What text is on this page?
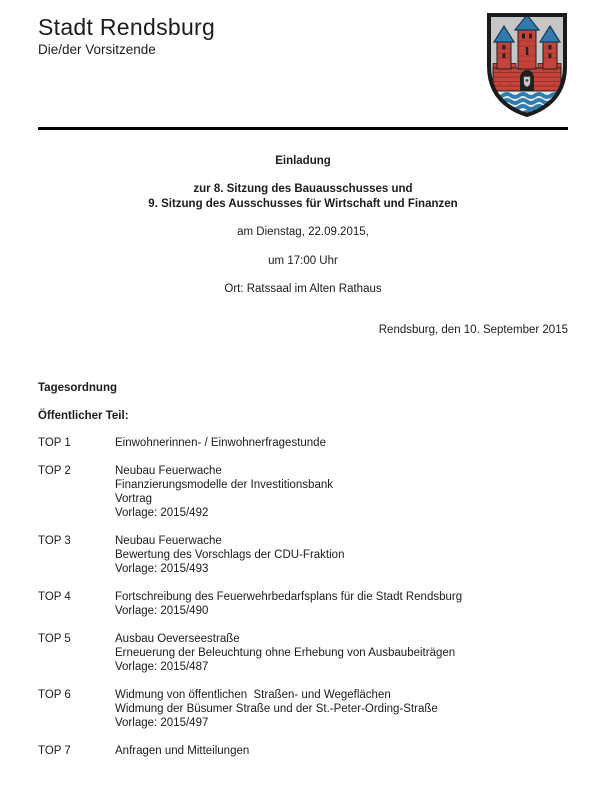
Stadt Rendsburg
Die/der Vorsitzende
Einladung
zur 8. Sitzung des Bauausschusses und
9. Sitzung des Ausschusses für Wirtschaft und Finanzen
am Dienstag, 22.09.2015,
um 17:00 Uhr
Ort: Ratssaal im Alten Rathaus
Rendsburg, den 10. September 2015
Tagesordnung
Öffentlicher Teil:
TOP 1	Einwohnerinnen- / Einwohnerfragestunde
TOP 2	Neubau Feuerwache
Finanzierungsmodelle der Investitionsbank
Vortrag
Vorlage: 2015/492
TOP 3	Neubau Feuerwache
Bewertung des Vorschlags der CDU-Fraktion
Vorlage: 2015/493
TOP 4	Fortschreibung des Feuerwehrbedarfsplans für die Stadt Rendsburg
Vorlage: 2015/490
TOP 5	Ausbau Oeverseestraße
Erneuerung der Beleuchtung ohne Erhebung von Ausbaubeiträgen
Vorlage: 2015/487
TOP 6	Widmung von öffentlichen  Straßen- und Wegeflächen
Widmung der Büsumer Straße und der St.-Peter-Ording-Straße
Vorlage: 2015/497
TOP 7	Anfragen und Mitteilungen
